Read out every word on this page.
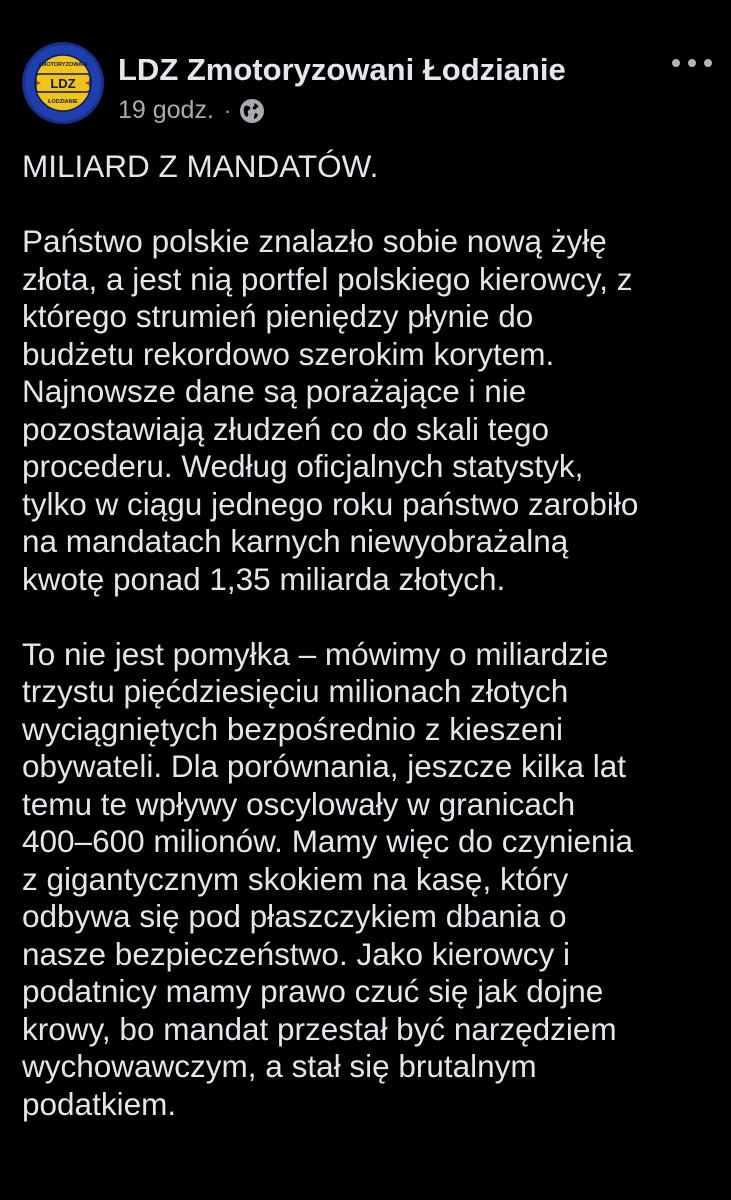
LDZ
ZMOTORYZOWANI
ŁODZIANIE
LDZ Zmotoryzowani Łodzianie
19 godz. ·

MILIARD Z MANDATÓW.

Państwo polskie znalazło sobie nową żyłę
złota, a jest nią portfel polskiego kierowcy, z
którego strumień pieniędzy płynie do
budżetu rekordowo szerokim korytem.
Najnowsze dane są porażające i nie
pozostawiają złudzeń co do skali tego
procederu. Według oficjalnych statystyk,
tylko w ciągu jednego roku państwo zarobiło
na mandatach karnych niewyobrażalną
kwotę ponad 1,35 miliarda złotych.

To nie jest pomyłka – mówimy o miliardzie
trzystu pięćdziesięciu milionach złotych
wyciągniętych bezpośrednio z kieszeni
obywateli. Dla porównania, jeszcze kilka lat
temu te wpływy oscylowały w granicach
400–600 milionów. Mamy więc do czynienia
z gigantycznym skokiem na kasę, który
odbywa się pod płaszczykiem dbania o
nasze bezpieczeństwo. Jako kierowcy i
podatnicy mamy prawo czuć się jak dojne
krowy, bo mandat przestał być narzędziem
wychowawczym, a stał się brutalnym
podatkiem.
